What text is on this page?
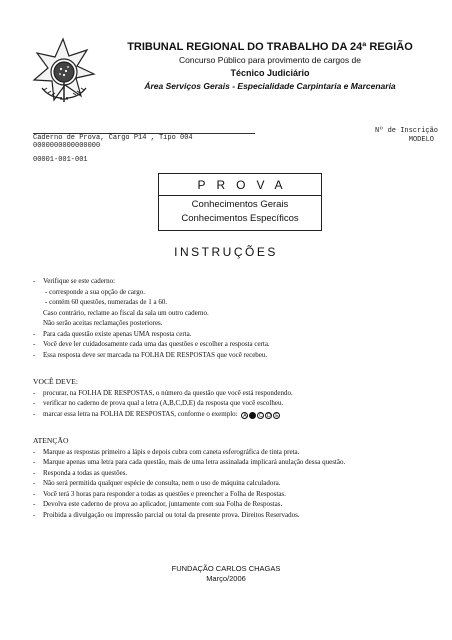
TRIBUNAL REGIONAL DO TRABALHO DA 24ª REGIÃO
Concurso Público para provimento de cargos de
Técnico Judiciário
Área Serviços Gerais - Especialidade Carpintaria e Marcenaria
Caderno de Prova, Cargo P14 , Tipo 004
0000000000000000
00001-001-001
Nº de Inscrição
MODELO
PROVA
Conhecimentos Gerais
Conhecimentos Específicos
INSTRUÇÕES
- Verifique se este caderno:
- corresponde a sua opção de cargo.
- contém 60 questões, numeradas de 1 a 60.
Caso contrário, reclame ao fiscal da sala um outro caderno.
Não serão aceitas reclamações posteriores.
- Para cada questão existe apenas UMA resposta certa.
- Você deve ler cuidadosamente cada uma das questões e escolher a resposta certa.
- Essa resposta deve ser marcada na FOLHA DE RESPOSTAS que você recebeu.
VOCÊ DEVE:
- procurar, na FOLHA DE RESPOSTAS, o número da questão que você está respondendo.
- verificar no caderno de prova qual a letra (A,B,C,D,E) da resposta que você escolheu.
- marcar essa letra na FOLHA DE RESPOSTAS, conforme o exemplo:	A B C D E
ATENÇÃO
- Marque as respostas primeiro a lápis e depois cubra com caneta esferográfica de tinta preta.
- Marque apenas uma letra para cada questão, mais de uma letra assinalada implicará anulação dessa questão.
- Responda a todas as questões.
- Não será permitida qualquer espécie de consulta, nem o uso de máquina calculadora.
- Você terá 3 horas para responder a todas as questões e preencher a Folha de Respostas.
- Devolva este caderno de prova ao aplicador, juntamente com sua Folha de Respostas.
- Proibida a divulgação ou impressão parcial ou total da presente prova. Direitos Reservados.
FUNDAÇÃO CARLOS CHAGAS
Março/2006
